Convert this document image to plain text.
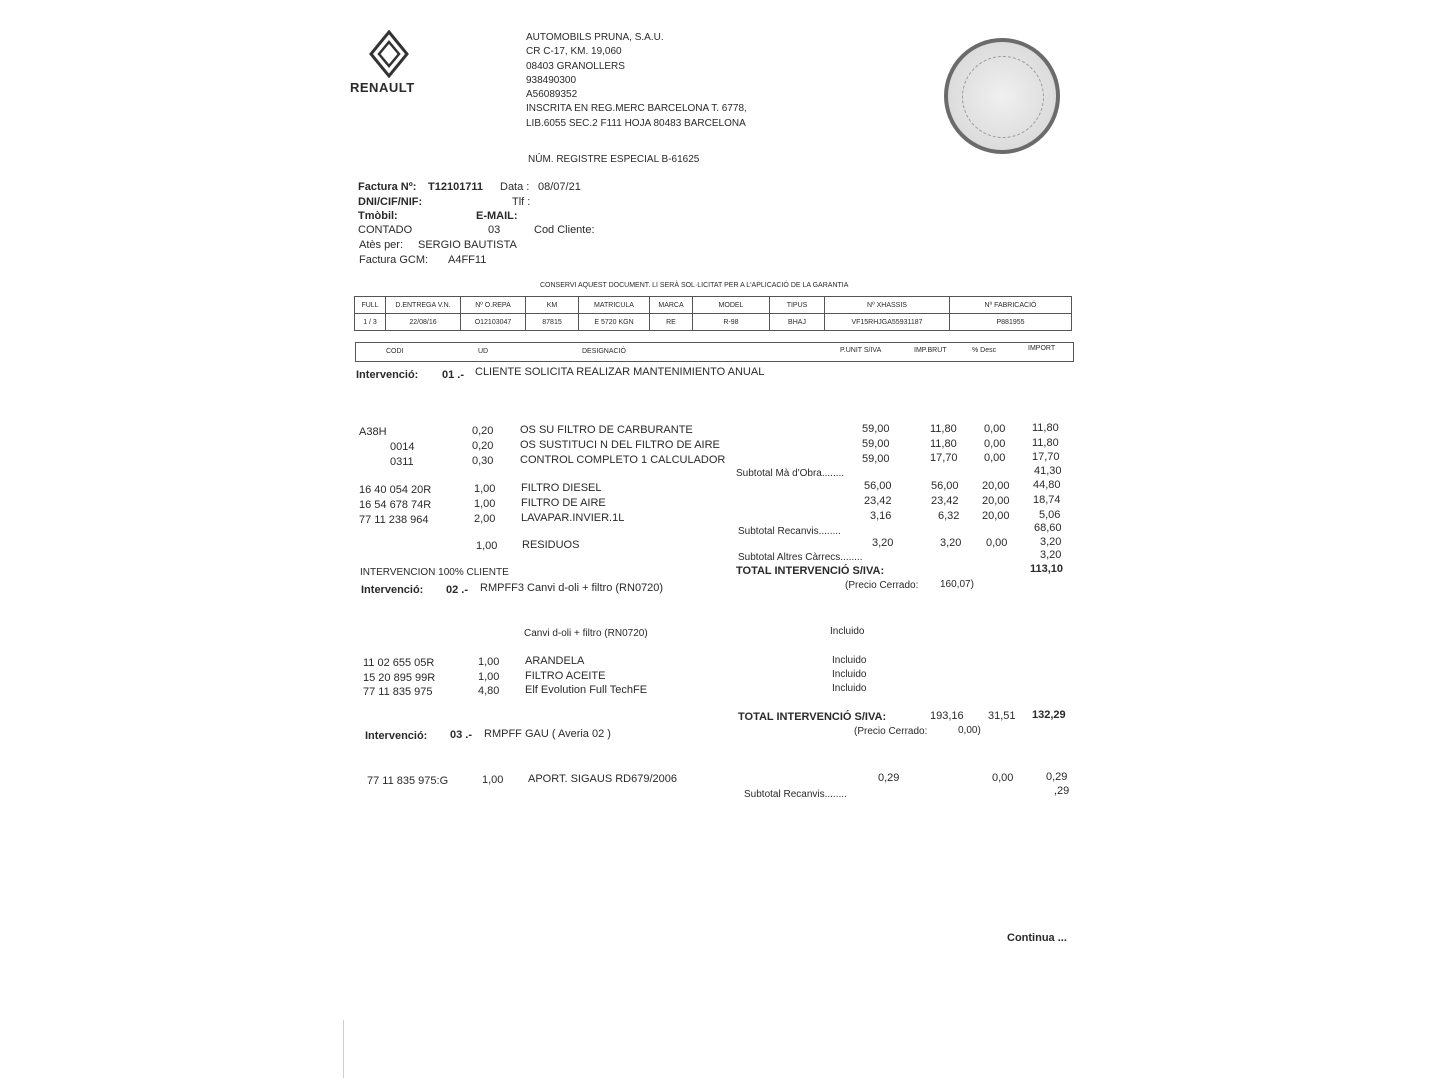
RENAULT
AUTOMOBILS PRUNA, S.A.U.
CR C-17, KM. 19,060
08403 GRANOLLERS
938490300
A56089352
INSCRITA EN REG.MERC BARCELONA T. 6778,
LIB.6055 SEC.2 F111 HOJA 80483 BARCELONA
NÚM. REGISTRE ESPECIAL B-61625
Factura Nº: T12101711 Data : 08/07/21
DNI/CIF/NIF:	Tlf :
Tmòbil:	E-MAIL:
CONTADO	03	Cod Cliente:
Atès per: SERGIO BAUTISTA
Factura GCM: A4FF11
CONSERVI AQUEST DOCUMENT. LI SERÀ SOL·LICITAT PER A L'APLICACIÓ DE LA GARANTIA
FULL	D.ENTREGA V.N.	Nº O.REPA	KM	MATRICULA	MARCA	MODEL	TIPUS	Nº XHASSIS	Nº FABRICACIÓ
1 / 3	22/08/16	O12103047	87815	E 5720 KGN	RE	R-98	BHAJ	VF15RHJGA55931187	P881955
CODI	UD	DESIGNACIÓ	P.UNIT S/IVA	IMP.BRUT	% Desc	IMPORT
Intervenció: 01 .- CLIENTE SOLICITA REALIZAR MANTENIMIENTO ANUAL
A38H	0,20 OS SU FILTRO DE CARBURANTE	59,00	11,80 0,00 11,80
0014	0,20 OS SUSTITUCI N DEL FILTRO DE AIRE	59,00	11,80 0,00 11,80
0311	0,30 CONTROL COMPLETO 1 CALCULADOR	59,00	17,70 0,00 17,70
Subtotal Mà d'Obra........	41,30
16 40 054 20R	1,00 FILTRO DIESEL	56,00	56,00 20,00 44,80
16 54 678 74R	1,00 FILTRO DE AIRE	23,42	23,42 20,00 18,74
77 11 238 964	2,00 LAVAPAR.INVIER.1L	3,16	6,32 20,00	5,06
Subtotal Recanvis........	68,60
1,00 RESIDUOS	3,20	3,20 0,00	3,20
Subtotal Altres Càrrecs........	3,20
INTERVENCION 100% CLIENTE	TOTAL INTERVENCIÓ S/IVA:	113,10
Intervenció: 02 .- RMPFF3 Canvi d-oli + filtro (RN0720)	(Precio Cerrado: 160,07)
Canvi d-oli + filtro (RN0720)	Incluido
11 02 655 05R	1,00 ARANDELA	Incluido
15 20 895 99R	1,00 FILTRO ACEITE	Incluido
77 11 835 975	4,80 Elf Evolution Full TechFE	Incluido
TOTAL INTERVENCIÓ S/IVA:	193,16 31,51 132,29
Intervenció: 03 .- RMPFF GAU ( Averia 02 )	(Precio Cerrado:	0,00)
77 11 835 975:G	1,00 APORT. SIGAUS RD679/2006	0,29	0,00	0,29
Subtotal Recanvis........	,29
Continua ...
